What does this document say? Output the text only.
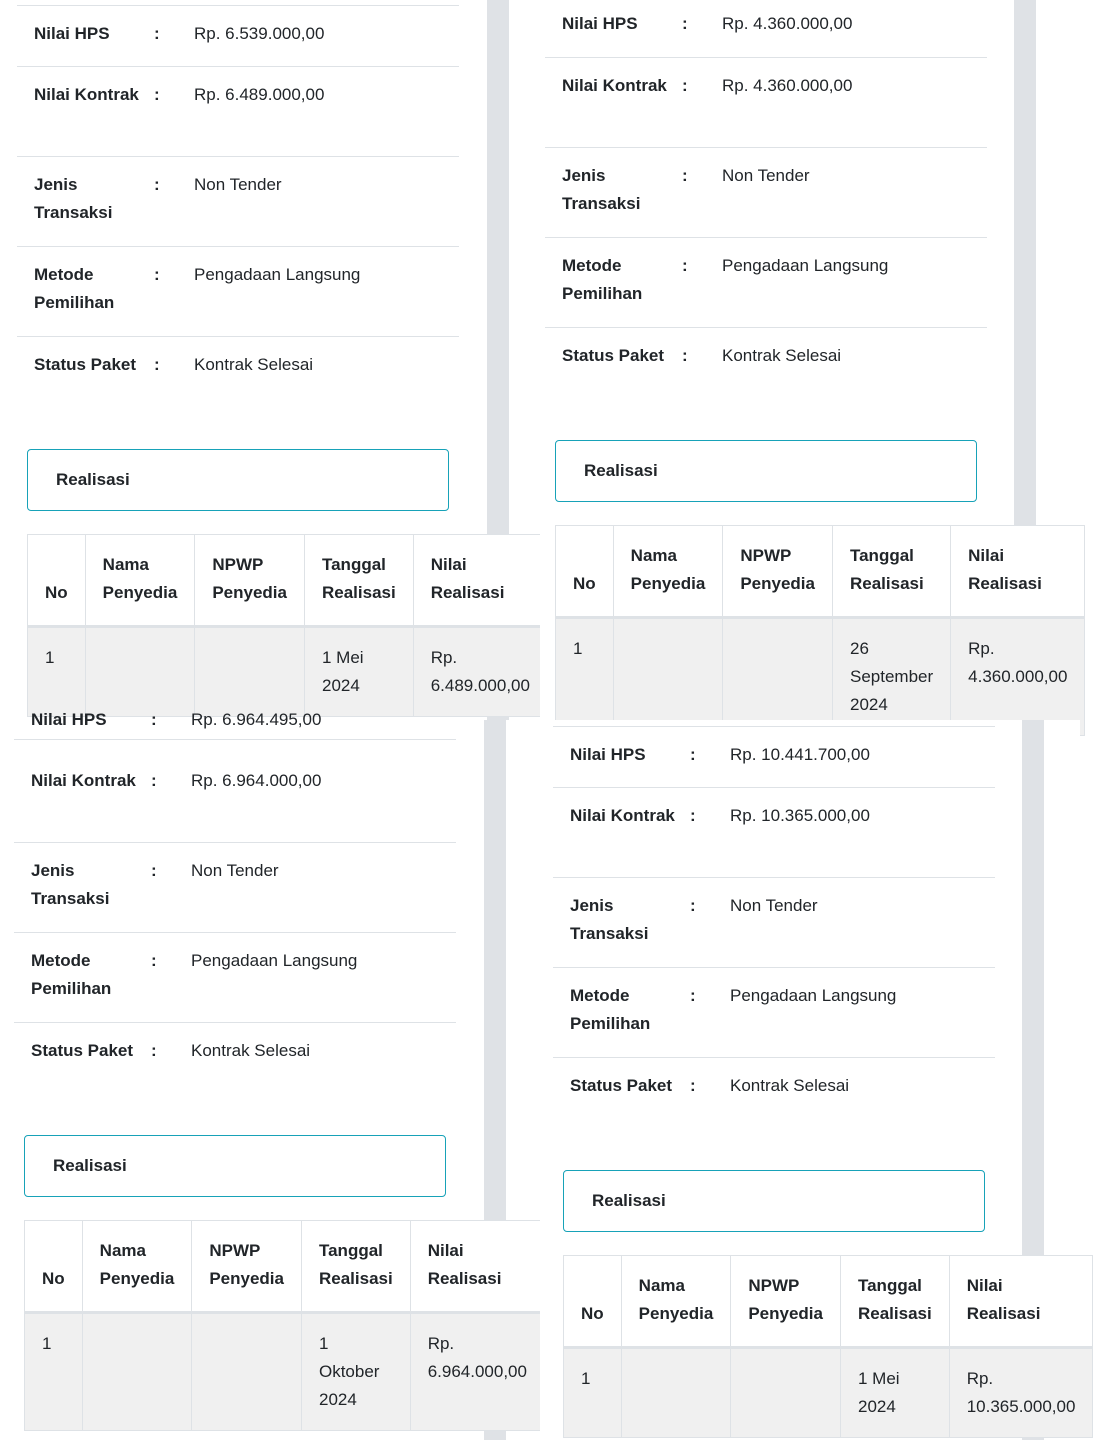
Nilai HPS	: Rp. 6.539.000,00
Nilai Kontrak : Rp. 6.489.000,00
Jenis Transaksi
: Non Tender
Metode Pemilihan
: Pengadaan Langsung
Status Paket	: Kontrak Selesai
Realisasi
No	Nama Penyedia	NPWP Penyedia	Tanggal Realisasi	Nilai Realisasi
1			1 Mei 2024	Rp. 6.489.000,00
Nilai HPS	: Rp. 4.360.000,00
Nilai Kontrak : Rp. 4.360.000,00
Jenis Transaksi
: Non Tender
Metode Pemilihan
: Pengadaan Langsung
Status Paket	: Kontrak Selesai
Realisasi
No	Nama Penyedia	NPWP Penyedia	Tanggal Realisasi	Nilai Realisasi
1			26 September 2024	Rp. 4.360.000,00
Nilai HPS	: Rp. 6.964.495,00
Nilai Kontrak : Rp. 6.964.000,00
Jenis Transaksi
: Non Tender
Metode Pemilihan
: Pengadaan Langsung
Status Paket	: Kontrak Selesai
Realisasi
No	Nama Penyedia	NPWP Penyedia	Tanggal Realisasi	Nilai Realisasi
1			1 Oktober 2024	Rp. 6.964.000,00
Nilai HPS	: Rp. 10.441.700,00
Nilai Kontrak : Rp. 10.365.000,00
Jenis Transaksi
: Non Tender
Metode Pemilihan
: Pengadaan Langsung
Status Paket	: Kontrak Selesai
Realisasi
No	Nama Penyedia	NPWP Penyedia	Tanggal Realisasi	Nilai Realisasi
1			1 Mei 2024	Rp. 10.365.000,00
